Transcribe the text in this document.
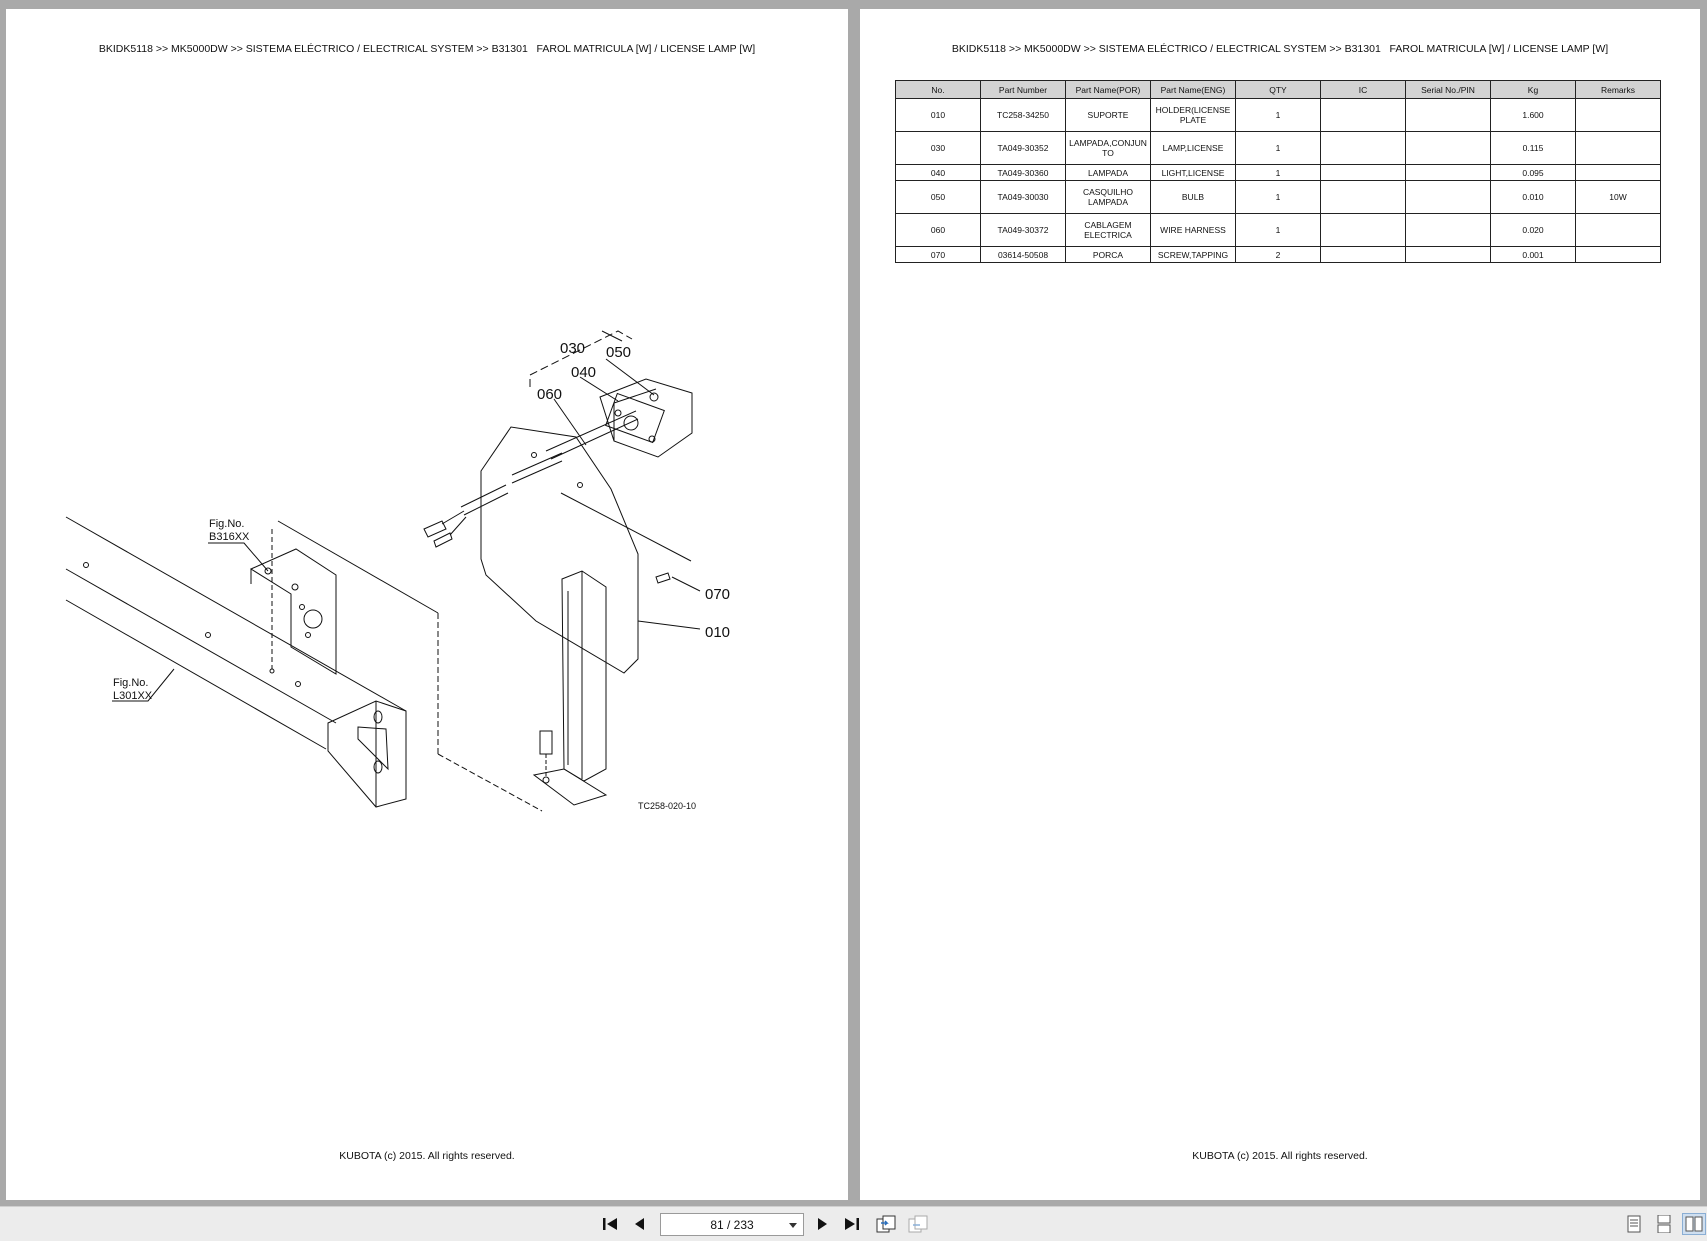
BKIDK5118 >> MK5000DW >> SISTEMA ELÉCTRICO / ELECTRICAL SYSTEM >> B31301   FAROL MATRICULA [W] / LICENSE LAMP [W]
030 050
040
060
070
010
Fig.No.
B316XX
Fig.No.
L301XX
TC258-020-10
KUBOTA (c) 2015. All rights reserved.
BKIDK5118 >> MK5000DW >> SISTEMA ELÉCTRICO / ELECTRICAL SYSTEM >> B31301   FAROL MATRICULA [W] / LICENSE LAMP [W]
No.	Part Number	Part Name(POR)	Part Name(ENG)	QTY	IC	Serial No./PIN	Kg	Remarks
010	TC258-34250	SUPORTE	HOLDER(LICENSE PLATE	1			1.600	
030	TA049-30352	LAMPADA,CONJUNTO	LAMP,LICENSE	1			0.115	
040	TA049-30360	LAMPADA	LIGHT,LICENSE	1			0.095	
050	TA049-30030	CASQUILHO LAMPADA	BULB	1			0.010	10W
060	TA049-30372	CABLAGEM ELECTRICA	WIRE HARNESS	1			0.020	
070	03614-50508	PORCA	SCREW,TAPPING	2			0.001	
KUBOTA (c) 2015. All rights reserved.
81 / 233
